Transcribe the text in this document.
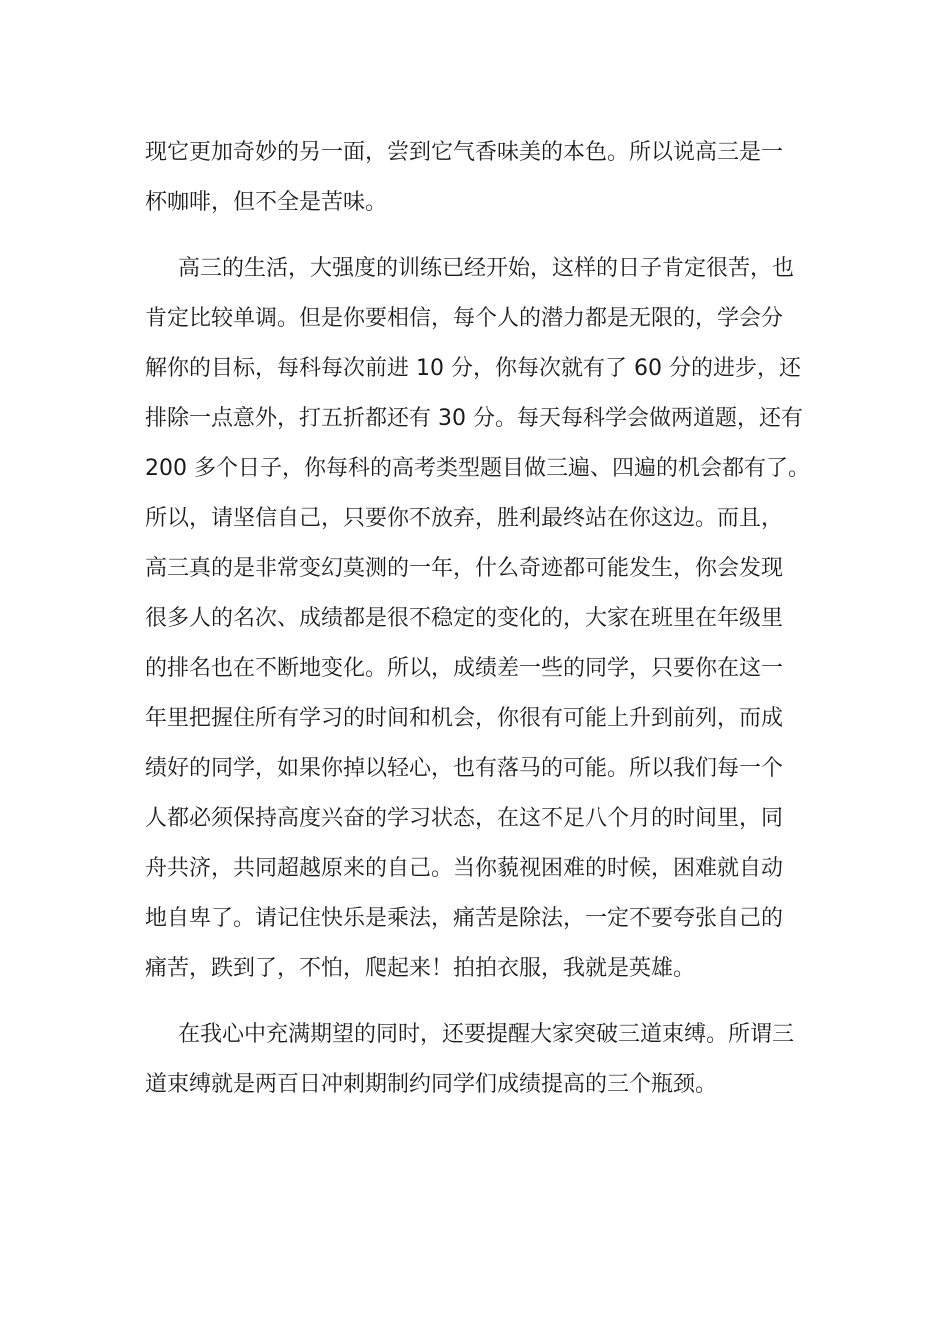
现它更加奇妙的另一面，尝到它气香味美的本色。所以说高三是一
杯咖啡，但不全是苦味。
高三的生活，大强度的训练已经开始，这样的日子肯定很苦，也
肯定比较单调。但是你要相信，每个人的潜力都是无限的，学会分
解你的目标，每科每次前进 10 分，你每次就有了 60 分的进步，还
排除一点意外，打五折都还有 30 分。每天每科学会做两道题，还有
200 多个日子，你每科的高考类型题目做三遍、四遍的机会都有了。
所以，请坚信自己，只要你不放弃，胜利最终站在你这边。而且，
高三真的是非常变幻莫测的一年，什么奇迹都可能发生，你会发现
很多人的名次、成绩都是很不稳定的变化的，大家在班里在年级里
的排名也在不断地变化。所以，成绩差一些的同学，只要你在这一
年里把握住所有学习的时间和机会，你很有可能上升到前列，而成
绩好的同学，如果你掉以轻心，也有落马的可能。所以我们每一个
人都必须保持高度兴奋的学习状态，在这不足八个月的时间里，同
舟共济，共同超越原来的自己。当你藐视困难的时候，困难就自动
地自卑了。请记住快乐是乘法，痛苦是除法，一定不要夸张自己的
痛苦，跌到了，不怕，爬起来！拍拍衣服，我就是英雄。
在我心中充满期望的同时，还要提醒大家突破三道束缚。所谓三
道束缚就是两百日冲刺期制约同学们成绩提高的三个瓶颈。
